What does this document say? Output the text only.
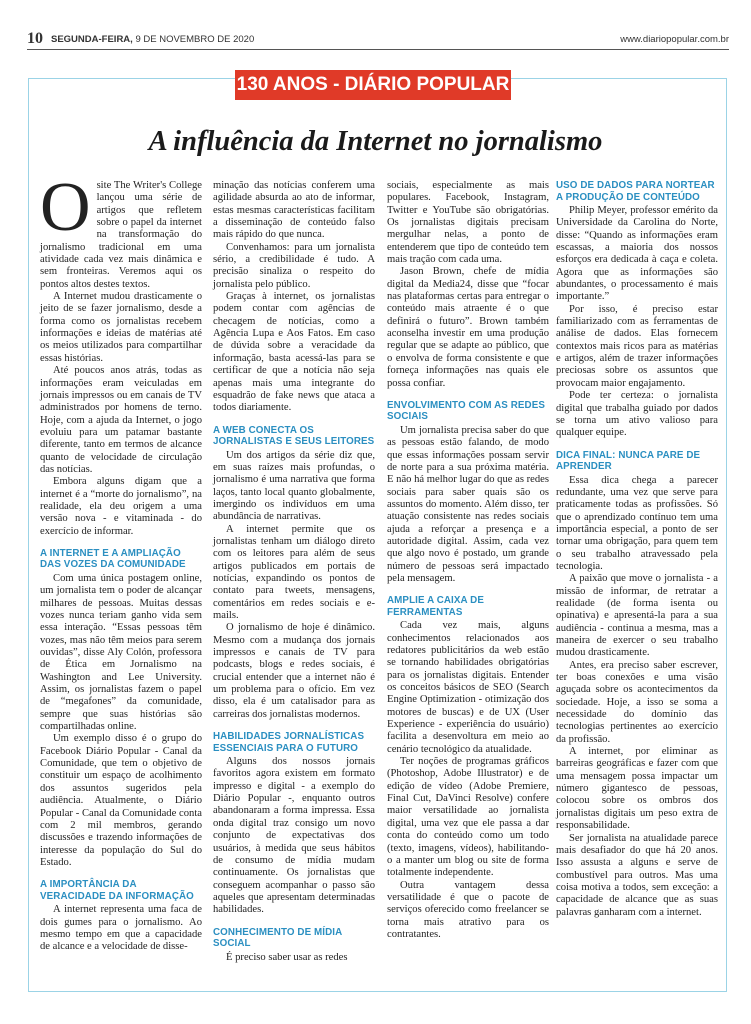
10 SEGUNDA-FEIRA, 9 DE NOVEMBRO DE 2020	www.diariopopular.com.br
130 ANOS - DIÁRIO POPULAR
A influência da Internet no jornalismo

Osite The Writer's College lançou uma série de artigos que refletem sobre o papel da internet na transformação do jornalismo tradicional em uma atividade cada vez mais dinâmica e sem fronteiras. Veremos aqui os pontos altos destes textos.

A Internet mudou drasticamente o jeito de se fazer jornalismo, desde a forma como os jornalistas recebem informações e ideias de matérias até os meios utilizados para compartilhar essas histórias.

Até poucos anos atrás, todas as informações eram veiculadas em jornais impressos ou em canais de TV administrados por homens de terno. Hoje, com a ajuda da Internet, o jogo evoluiu para um patamar bastante diferente, tanto em termos de alcance quanto de velocidade de circulação das notícias.

Embora alguns digam que a internet é a “morte do jornalismo”, na realidade, ela deu origem a uma versão nova - e vitaminada - do exercício de informar.

A INTERNET E A AMPLIAÇÃO DAS VOZES DA COMUNIDADE

Com uma única postagem online, um jornalista tem o poder de alcançar milhares de pessoas. Muitas dessas vozes nunca teriam ganho vida sem essa interação. “Essas pessoas têm vozes, mas não têm meios para serem ouvidas”, disse Aly Colón, professora de Ética em Jornalismo na Washington and Lee University. Assim, os jornalistas fazem o papel de “megafones” da comunidade, sempre que suas histórias são compartilhadas online.

Um exemplo disso é o grupo do Facebook Diário Popular - Canal da Comunidade, que tem o objetivo de constituir um espaço de acolhimento dos assuntos sugeridos pela audiência. Atualmente, o Diário Popular - Canal da Comunidade conta com 2 mil membros, gerando discussões e trazendo informações de interesse da população do Sul do Estado.

A IMPORTÂNCIA DA VERACIDADE DA INFORMAÇÃO

A internet representa uma faca de dois gumes para o jornalismo. Ao mesmo tempo em que a capacidade de alcance e a velocidade de disse-

minação das notícias conferem uma agilidade absurda ao ato de informar, estas mesmas características facilitam a disseminação de conteúdo falso mais rápido do que nunca.

Convenhamos: para um jornalista sério, a credibilidade é tudo. A precisão sinaliza o respeito do jornalista pelo público.

Graças à internet, os jornalistas podem contar com agências de checagem de notícias, como a Agência Lupa e Aos Fatos. Em caso de dúvida sobre a veracidade da informação, basta acessá-las para se certificar de que a notícia não seja apenas mais uma integrante do esquadrão de fake news que ataca a todos diariamente.

A WEB CONECTA OS JORNALISTAS E SEUS LEITORES

Um dos artigos da série diz que, em suas raízes mais profundas, o jornalismo é uma narrativa que forma laços, tanto local quanto globalmente, imergindo os indivíduos em uma abundância de narrativas.

A internet permite que os jornalistas tenham um diálogo direto com os leitores para além de seus artigos publicados em portais de notícias, expandindo os pontos de contato para tweets, mensagens, comentários em redes sociais e e-mails.

O jornalismo de hoje é dinâmico. Mesmo com a mudança dos jornais impressos e canais de TV para podcasts, blogs e redes sociais, é crucial entender que a internet não é um problema para o ofício. Em vez disso, ela é um catalisador para as carreiras dos jornalistas modernos.

HABILIDADES JORNALÍSTICAS ESSENCIAIS PARA O FUTURO

Alguns dos nossos jornais favoritos agora existem em formato impresso e digital - a exemplo do Diário Popular -, enquanto outros abandonaram a forma impressa. Essa onda digital traz consigo um novo conjunto de expectativas dos usuários, à medida que seus hábitos de consumo de mídia mudam continuamente. Os jornalistas que conseguem acompanhar o passo são aqueles que apresentam determinadas habilidades.

CONHECIMENTO DE MÍDIA SOCIAL

É preciso saber usar as redes

sociais, especialmente as mais populares. Facebook, Instagram, Twitter e YouTube são obrigatórias. Os jornalistas digitais precisam mergulhar nelas, a ponto de entenderem que tipo de conteúdo tem mais tração com cada uma.

Jason Brown, chefe de mídia digital da Media24, disse que “focar nas plataformas certas para entregar o conteúdo mais atraente é o que definirá o futuro”. Brown também aconselha investir em uma produção regular que se adapte ao público, que o envolva de forma consistente e que forneça informações nas quais ele possa confiar.

ENVOLVIMENTO COM AS REDES SOCIAIS

Um jornalista precisa saber do que as pessoas estão falando, de modo que essas informações possam servir de norte para a sua próxima matéria. E não há melhor lugar do que as redes sociais para saber quais são os assuntos do momento. Além disso, ter atuação consistente nas redes sociais ajuda a reforçar a presença e a autoridade digital. Assim, cada vez que algo novo é postado, um grande número de pessoas será impactado pela mensagem.

AMPLIE A CAIXA DE FERRAMENTAS

Cada vez mais, alguns conhecimentos relacionados aos redatores publicitários da web estão se tornando habilidades obrigatórias para os jornalistas digitais. Entender os conceitos básicos de SEO (Search Engine Optimization - otimização dos motores de buscas) e de UX (User Experience - experiência do usuário) facilita a desenvoltura em meio ao cenário tecnológico da atualidade.

Ter noções de programas gráficos (Photoshop, Adobe Illustrator) e de edição de vídeo (Adobe Premiere, Final Cut, DaVinci Resolve) confere maior versatilidade ao jornalista digital, uma vez que ele passa a dar conta do conteúdo como um todo (texto, imagens, vídeos), habilitando-o a manter um blog ou site de forma totalmente independente.

Outra vantagem dessa versatilidade é que o pacote de serviços oferecido como freelancer se torna mais atrativo para os contratantes.

USO DE DADOS PARA NORTEAR A PRODUÇÃO DE CONTEÚDO

Philip Meyer, professor emérito da Universidade da Carolina do Norte, disse: “Quando as informações eram escassas, a maioria dos nossos esforços era dedicada à caça e coleta. Agora que as informações são abundantes, o processamento é mais importante.”

Por isso, é preciso estar familiarizado com as ferramentas de análise de dados. Elas fornecem contextos mais ricos para as matérias e artigos, além de trazer informações preciosas sobre os assuntos que provocam maior engajamento.

Pode ter certeza: o jornalista digital que trabalha guiado por dados se torna um ativo valioso para qualquer equipe.

DICA FINAL: NUNCA PARE DE APRENDER

Essa dica chega a parecer redundante, uma vez que serve para praticamente todas as profissões. Só que o aprendizado contínuo tem uma importância especial, a ponto de ser tornar uma obrigação, para quem tem o seu trabalho atravessado pela tecnologia.

A paixão que move o jornalista - a missão de informar, de retratar a realidade (de forma isenta ou opinativa) e apresentá-la para a sua audiência - continua a mesma, mas a maneira de exercer o seu trabalho mudou drasticamente.

Antes, era preciso saber escrever, ter boas conexões e uma visão aguçada sobre os acontecimentos da sociedade. Hoje, a isso se soma a necessidade do domínio das tecnologias pertinentes ao exercício da profissão.

A internet, por eliminar as barreiras geográficas e fazer com que uma mensagem possa impactar um número gigantesco de pessoas, colocou sobre os ombros dos jornalistas digitais um peso extra de responsabilidade.

Ser jornalista na atualidade parece mais desafiador do que há 20 anos. Isso assusta a alguns e serve de combustível para outros. Mas uma coisa motiva a todos, sem exceção: a capacidade de alcance que as suas palavras ganharam com a internet.
